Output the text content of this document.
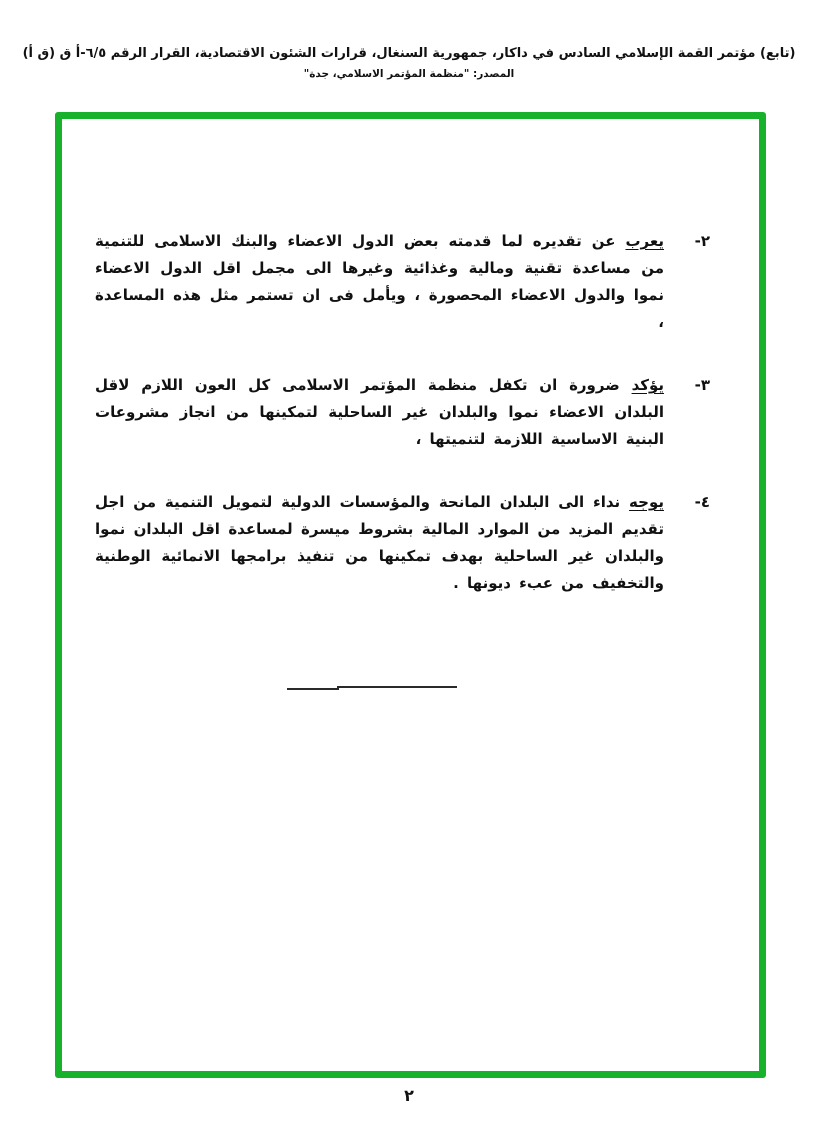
(تابع) مؤتمر القمة الإسلامي السادس في داكار، جمهورية السنغال، قرارات الشئون الاقتصادية، القرار الرقم ٦/٥-أ ق (ق أ)
المصدر: "منظمة المؤتمر الاسلامي، جدة"
٢-
يعرب عن تقديره لما قدمته بعض الدول الاعضاء والبنك الاسلامى للتنمية من مساعدة تقنية ومالية وغذائية وغيرها الى مجمل اقل الدول الاعضاء نموا والدول الاعضاء المحصورة ، ويأمل فى ان تستمر مثل هذه المساعدة ،
٣-
يؤكد ضرورة ان تكفل منظمة المؤتمر الاسلامى كل العون اللازم لاقل البلدان الاعضاء نموا والبلدان غير الساحلية لتمكينها من انجاز مشروعات البنية الاساسية اللازمة لتنميتها ،
٤-
يوجه نداء الى البلدان المانحة والمؤسسات الدولية لتمويل التنمية من اجل تقديم المزيد من الموارد المالية بشروط ميسرة لمساعدة اقل البلدان نموا والبلدان غير الساحلية بهدف تمكينها من تنفيذ برامجها الانمائية الوطنية والتخفيف من عبء ديونها .
٢
